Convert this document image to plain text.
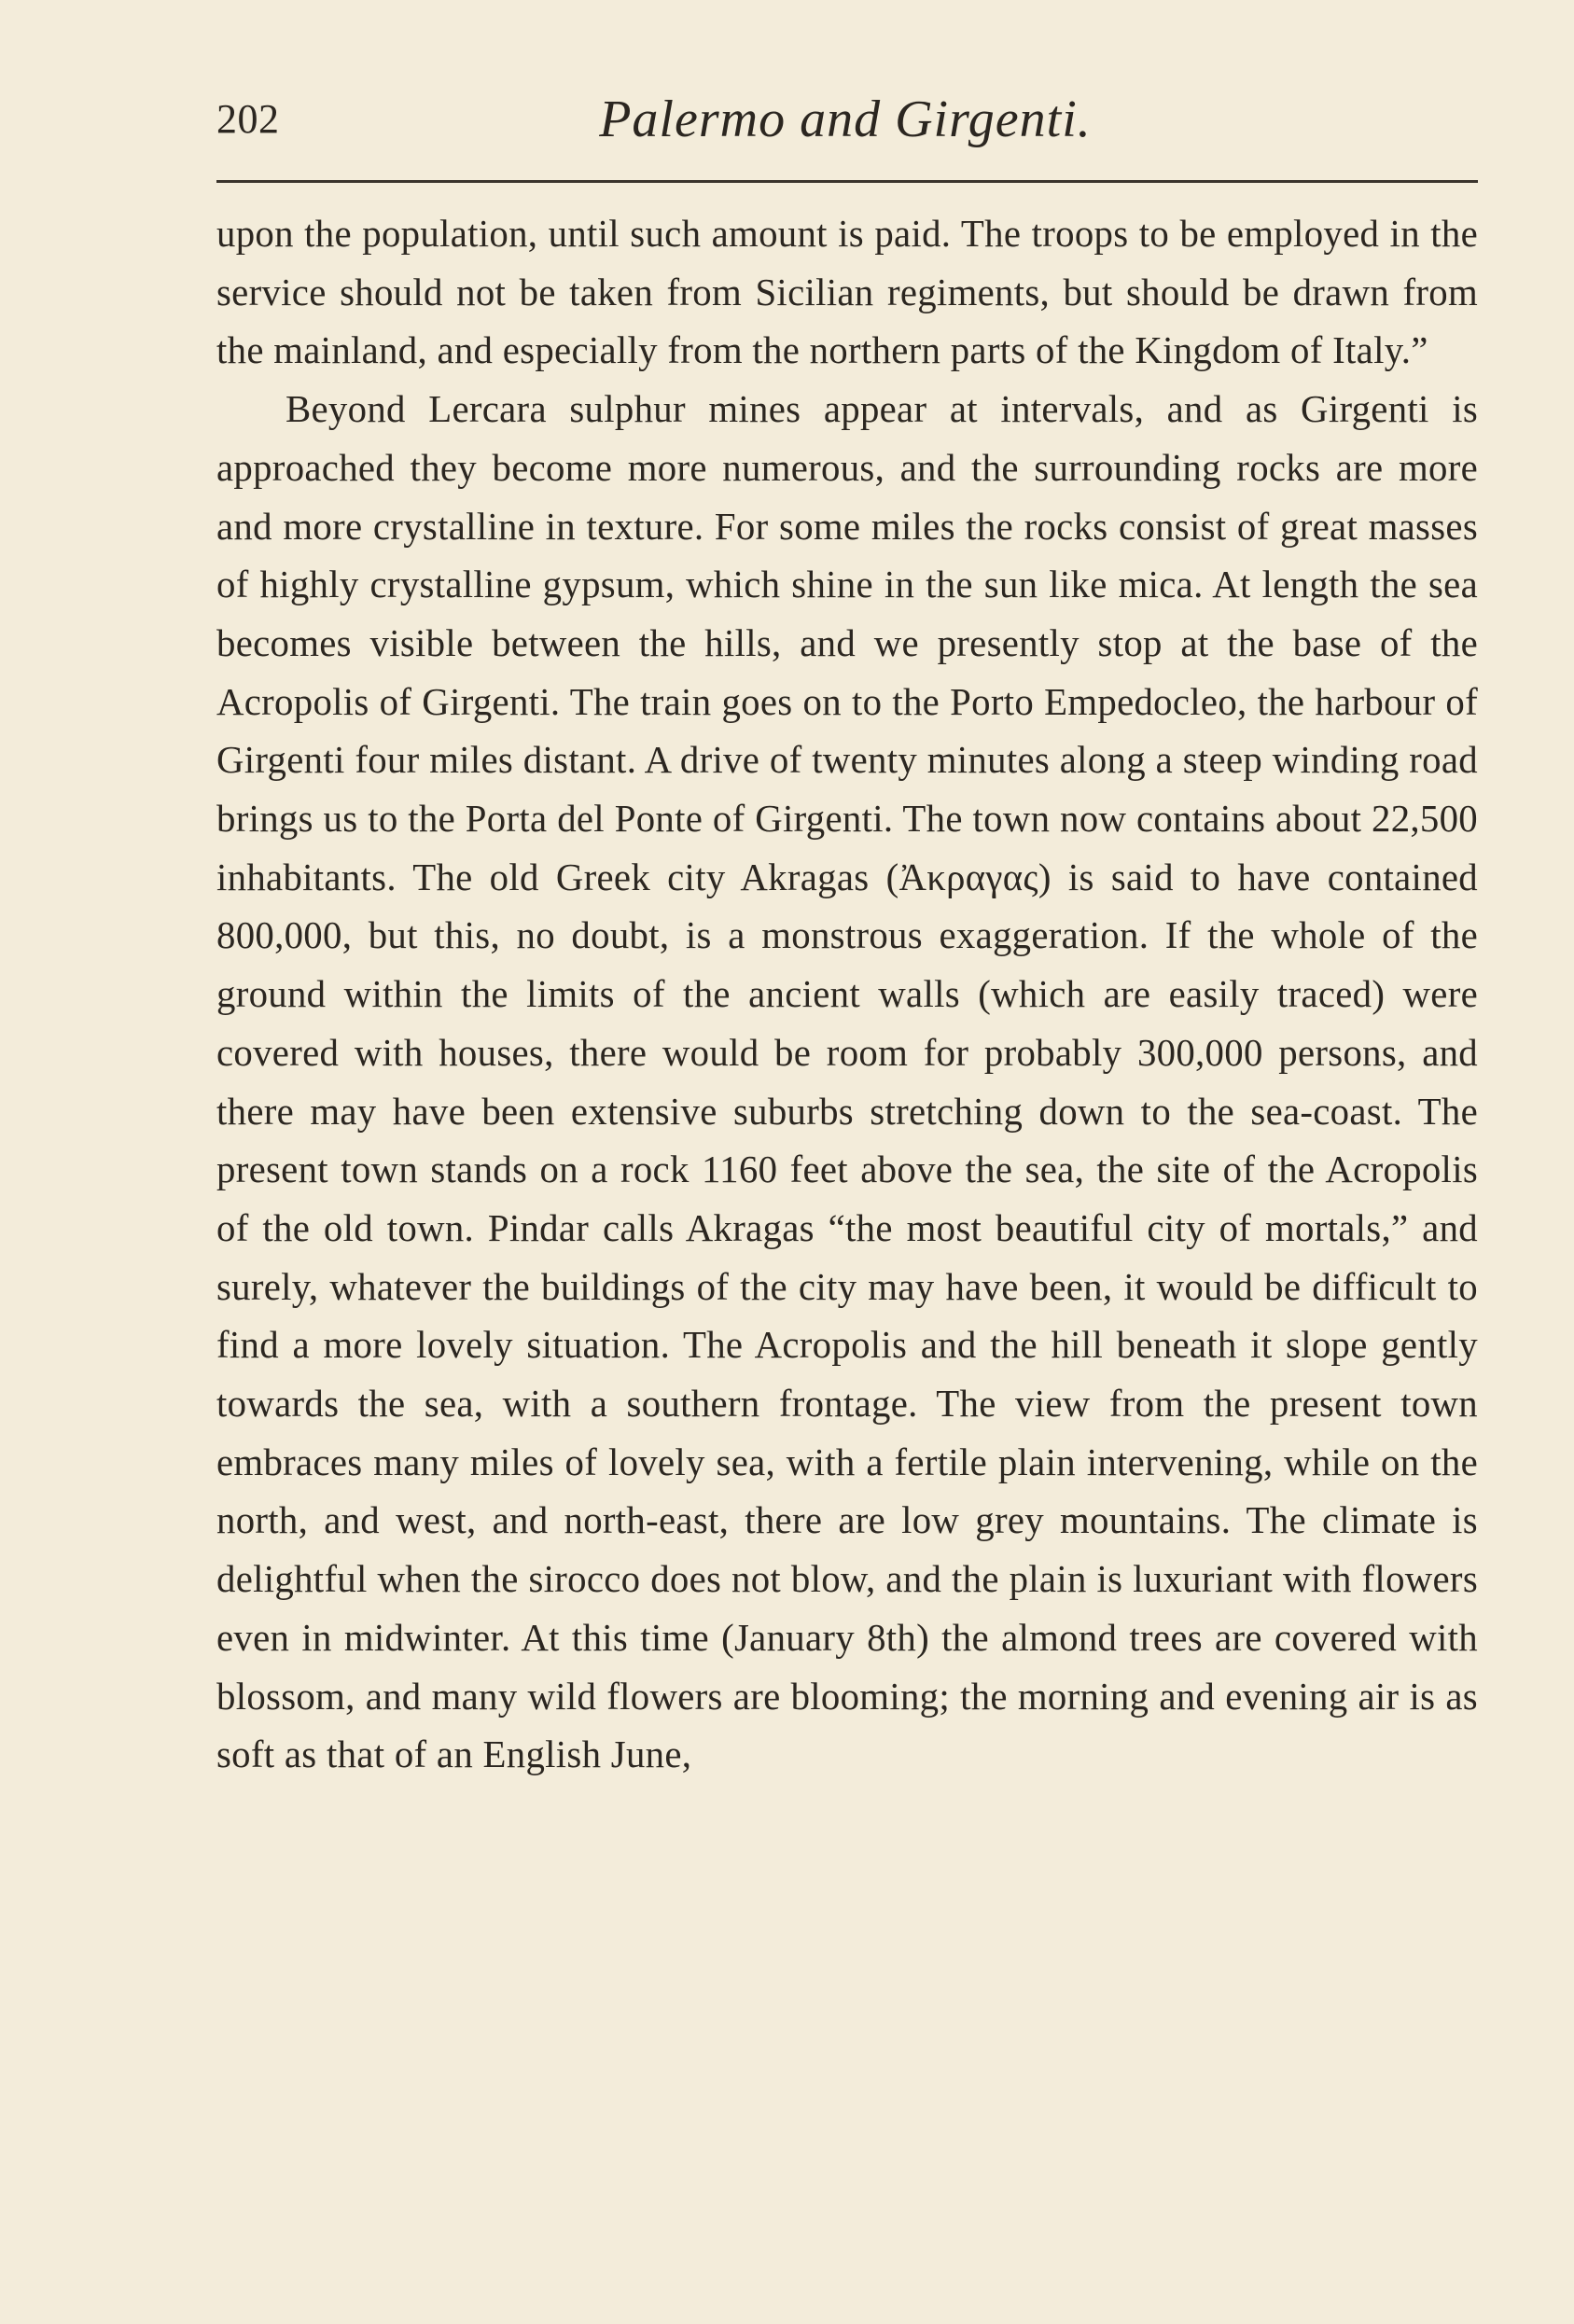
202	Palermo and Girgenti.

upon the population, until such amount is paid. The troops to be employed in the service should not be taken from Sicilian regiments, but should be drawn from the mainland, and especially from the northern parts of the Kingdom of Italy.”

Beyond Lercara sulphur mines appear at intervals, and as Girgenti is approached they become more numerous, and the surrounding rocks are more and more crystalline in texture. For some miles the rocks consist of great masses of highly crystalline gypsum, which shine in the sun like mica. At length the sea becomes visible between the hills, and we presently stop at the base of the Acropolis of Girgenti. The train goes on to the Porto Empedocleo, the harbour of Girgenti four miles distant. A drive of twenty minutes along a steep winding road brings us to the Porta del Ponte of Girgenti. The town now contains about 22,500 inhabitants. The old Greek city Akragas (Ἀκραγας) is said to have contained 800,000, but this, no doubt, is a monstrous exaggeration. If the whole of the ground within the limits of the ancient walls (which are easily traced) were covered with houses, there would be room for probably 300,000 persons, and there may have been extensive suburbs stretching down to the sea-coast. The present town stands on a rock 1160 feet above the sea, the site of the Acropolis of the old town. Pindar calls Akragas “the most beautiful city of mortals,” and surely, whatever the buildings of the city may have been, it would be difficult to find a more lovely situation. The Acropolis and the hill beneath it slope gently towards the sea, with a southern frontage. The view from the present town embraces many miles of lovely sea, with a fertile plain intervening, while on the north, and west, and north-east, there are low grey mountains. The climate is delightful when the sirocco does not blow, and the plain is luxuriant with flowers even in midwinter. At this time (January 8th) the almond trees are covered with blossom, and many wild flowers are blooming; the morning and evening air is as soft as that of an English June,
